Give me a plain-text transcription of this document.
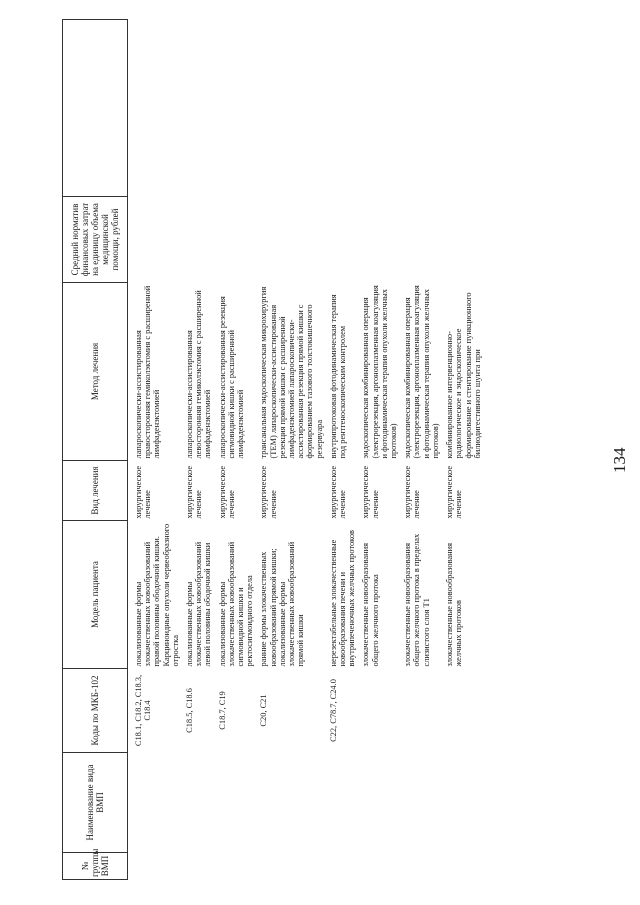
134
№ группы ВМП	Наименование вида ВМП	Коды по МКБ-102	Модель пациента	Вид лечения	Метод лечения	Средний норматив финансовых затрат на единицу объема медицинской помощи, рублей	

		C18.1, C18.2, C18.3, C18.4	локализованные формы злокачественных новообразований правой половины ободочной кишки. Карциноидные опухоли червеобразного отростка	хирургическое лечение	лапароскопически-ассистированная правосторонняя гемиколэктомия с расширенной лимфаденэктомией		
		C18.5, C18.6	локализованные формы злокачественных новообразований левой половины ободочной кишки	хирургическое лечение	лапароскопически-ассистированная левосторонняя гемиколэктомия с расширенной лимфаденэктомией		
		C18.7, C19	локализованные формы злокачественных новообразований сигмовидной кишки и ректосигмоидного отдела	хирургическое лечение	лапароскопически-ассистированная резекция сигмовидной кишки с расширенной лимфаденэктомией		
		C20, C21	ранние формы злокачественных новообразований прямой кишки; локализованные формы злокачественных новообразований прямой кишки	хирургическое лечение	трансанальная эндоскопическая микрохирургия (ТЕМ) лапароскопически-ассистированная резекция прямой кишки с расширенной лимфаденэктомией лапароскопически-ассистированная резекция прямой кишки с формированием тазового толстокишечного резервуара		
		C22, C78.7, C24.0	нерезектабельные злокачественные новообразования печени и внутрипеченочных желчных протоков	хирургическое лечение	внутрипротоковая фотодинамическая терапия под рентгеноскопическим контролем		
			злокачественные новообразования общего желчного протока	хирургическое лечение	эндоскопическая комбинированная операция (электрорезекция, аргоноплазменная коагуляция и фотодинамическая терапия опухоли желчных протоков)		
			злокачественные новообразования общего желчного протока в пределах слизистого слоя T1	хирургическое лечение	эндоскопическая комбинированная операция (электрорезекция, аргоноплазменная коагуляция и фотодинамическая терапия опухоли желчных протоков)		
			злокачественные новообразования желчных протоков	хирургическое лечение	комбинированное интервенционно-радиологическое и эндоскопическое формирование и стентирование пункционного билиодигестивного шунта при		
